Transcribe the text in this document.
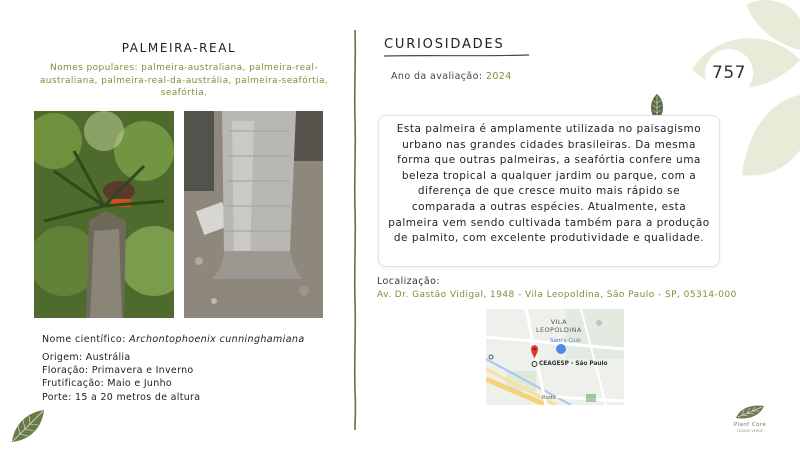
PALMEIRA-REAL
Nomes populares: palmeira-australiana, palmeira-real-australiana, palmeira-real-da-austrália, palmeira-seafórtia, seafórtia.
Nome científico: Archontophoenix cunninghamiana
Origem: Austrália
Floração: Primavera e Inverno
Frutificação: Maio e Junho
Porte: 15 a 20 metros de altura
CURIOSIDADES
Ano da avaliação: 2024	757
Esta palmeira é amplamente utilizada no paisagismo urbano nas grandes cidades brasileiras. Da mesma forma que outras palmeiras, a seafórtia confere uma beleza tropical a qualquer jardim ou parque, com a diferença de que cresce muito mais rápido se comparada a outras espécies. Atualmente, esta palmeira vem sendo cultivada também para a produção de palmito, com excelente produtividade e qualidade.
Localização:
Av. Dr. Gastão Vidigal, 1948 - Vila Leopoldina, São Paulo - SP, 05314-000
VILA
LEOPOLDINA
Sam's Club
CEAGESP - São Paulo
Rodo...
Plant Core
CIDADE VERDE
